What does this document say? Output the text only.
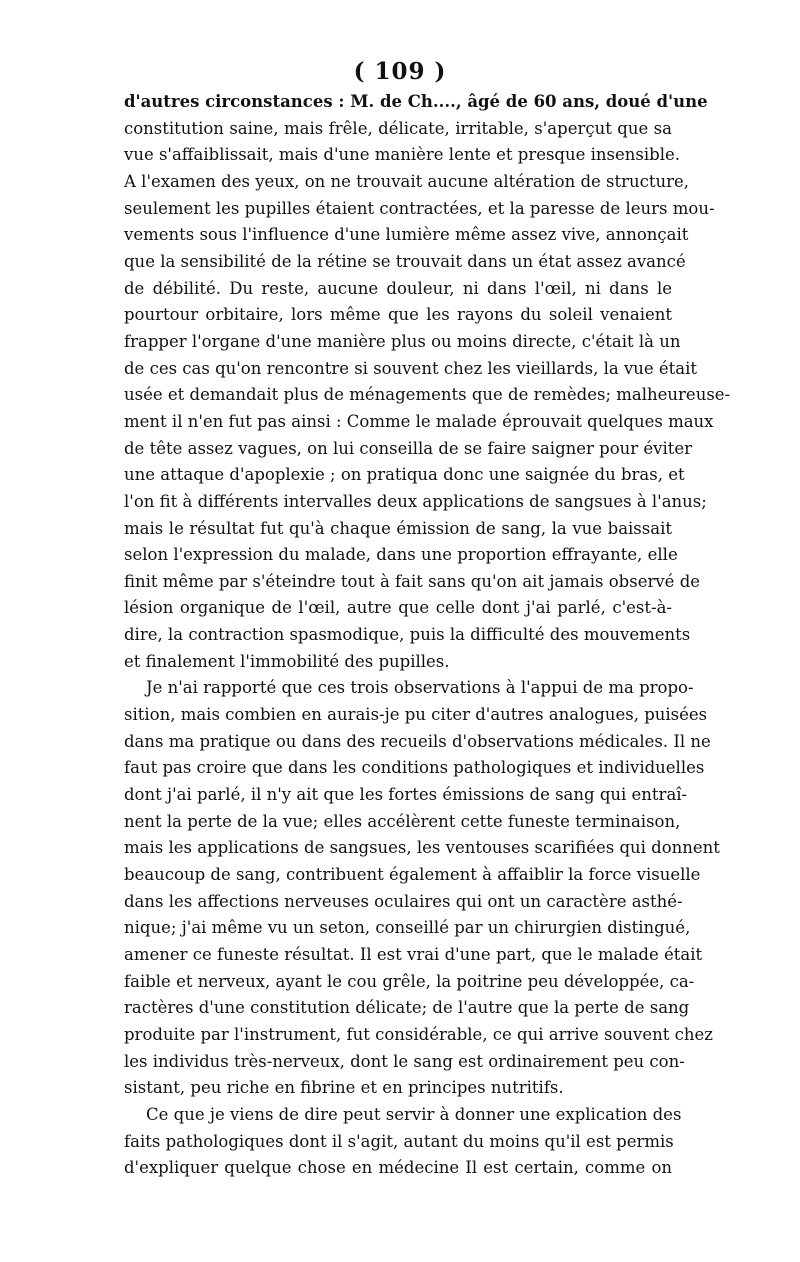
( 109 )
d'autres circonstances : M. de Ch...., âgé de 60 ans, doué d'une
constitution saine, mais frêle, délicate, irritable, s'aperçut que sa
vue s'affaiblissait, mais d'une manière lente et presque insensible.
A l'examen des yeux, on ne trouvait aucune altération de structure,
seulement les pupilles étaient contractées, et la paresse de leurs mou-
vements sous l'influence d'une lumière même assez vive, annonçait
que la sensibilité de la rétine se trouvait dans un état assez avancé
de débilité. Du reste, aucune douleur, ni dans l'œil, ni dans le
pourtour orbitaire, lors même que les rayons du soleil venaient
frapper l'organe d'une manière plus ou moins directe, c'était là un
de ces cas qu'on rencontre si souvent chez les vieillards, la vue était
usée et demandait plus de ménagements que de remèdes; malheureuse-
ment il n'en fut pas ainsi : Comme le malade éprouvait quelques maux
de tête assez vagues, on lui conseilla de se faire saigner pour éviter
une attaque d'apoplexie ; on pratiqua donc une saignée du bras, et
l'on fit à différents intervalles deux applications de sangsues à l'anus;
mais le résultat fut qu'à chaque émission de sang, la vue baissait
selon l'expression du malade, dans une proportion effrayante, elle
finit même par s'éteindre tout à fait sans qu'on ait jamais observé de
lésion organique de l'œil, autre que celle dont j'ai parlé, c'est-à-
dire, la contraction spasmodique, puis la difficulté des mouvements
et finalement l'immobilité des pupilles.
Je n'ai rapporté que ces trois observations à l'appui de ma propo-
sition, mais combien en aurais-je pu citer d'autres analogues, puisées
dans ma pratique ou dans des recueils d'observations médicales. Il ne
faut pas croire que dans les conditions pathologiques et individuelles
dont j'ai parlé, il n'y ait que les fortes émissions de sang qui entraî-
nent la perte de la vue; elles accélèrent cette funeste terminaison,
mais les applications de sangsues, les ventouses scarifiées qui donnent
beaucoup de sang, contribuent également à affaiblir la force visuelle
dans les affections nerveuses oculaires qui ont un caractère asthé-
nique; j'ai même vu un seton, conseillé par un chirurgien distingué,
amener ce funeste résultat. Il est vrai d'une part, que le malade était
faible et nerveux, ayant le cou grêle, la poitrine peu développée, ca-
ractères d'une constitution délicate; de l'autre que la perte de sang
produite par l'instrument, fut considérable, ce qui arrive souvent chez
les individus très-nerveux, dont le sang est ordinairement peu con-
sistant, peu riche en fibrine et en principes nutritifs.
Ce que je viens de dire peut servir à donner une explication des
faits pathologiques dont il s'agit, autant du moins qu'il est permis
d'expliquer quelque chose en médecine Il est certain, comme on
